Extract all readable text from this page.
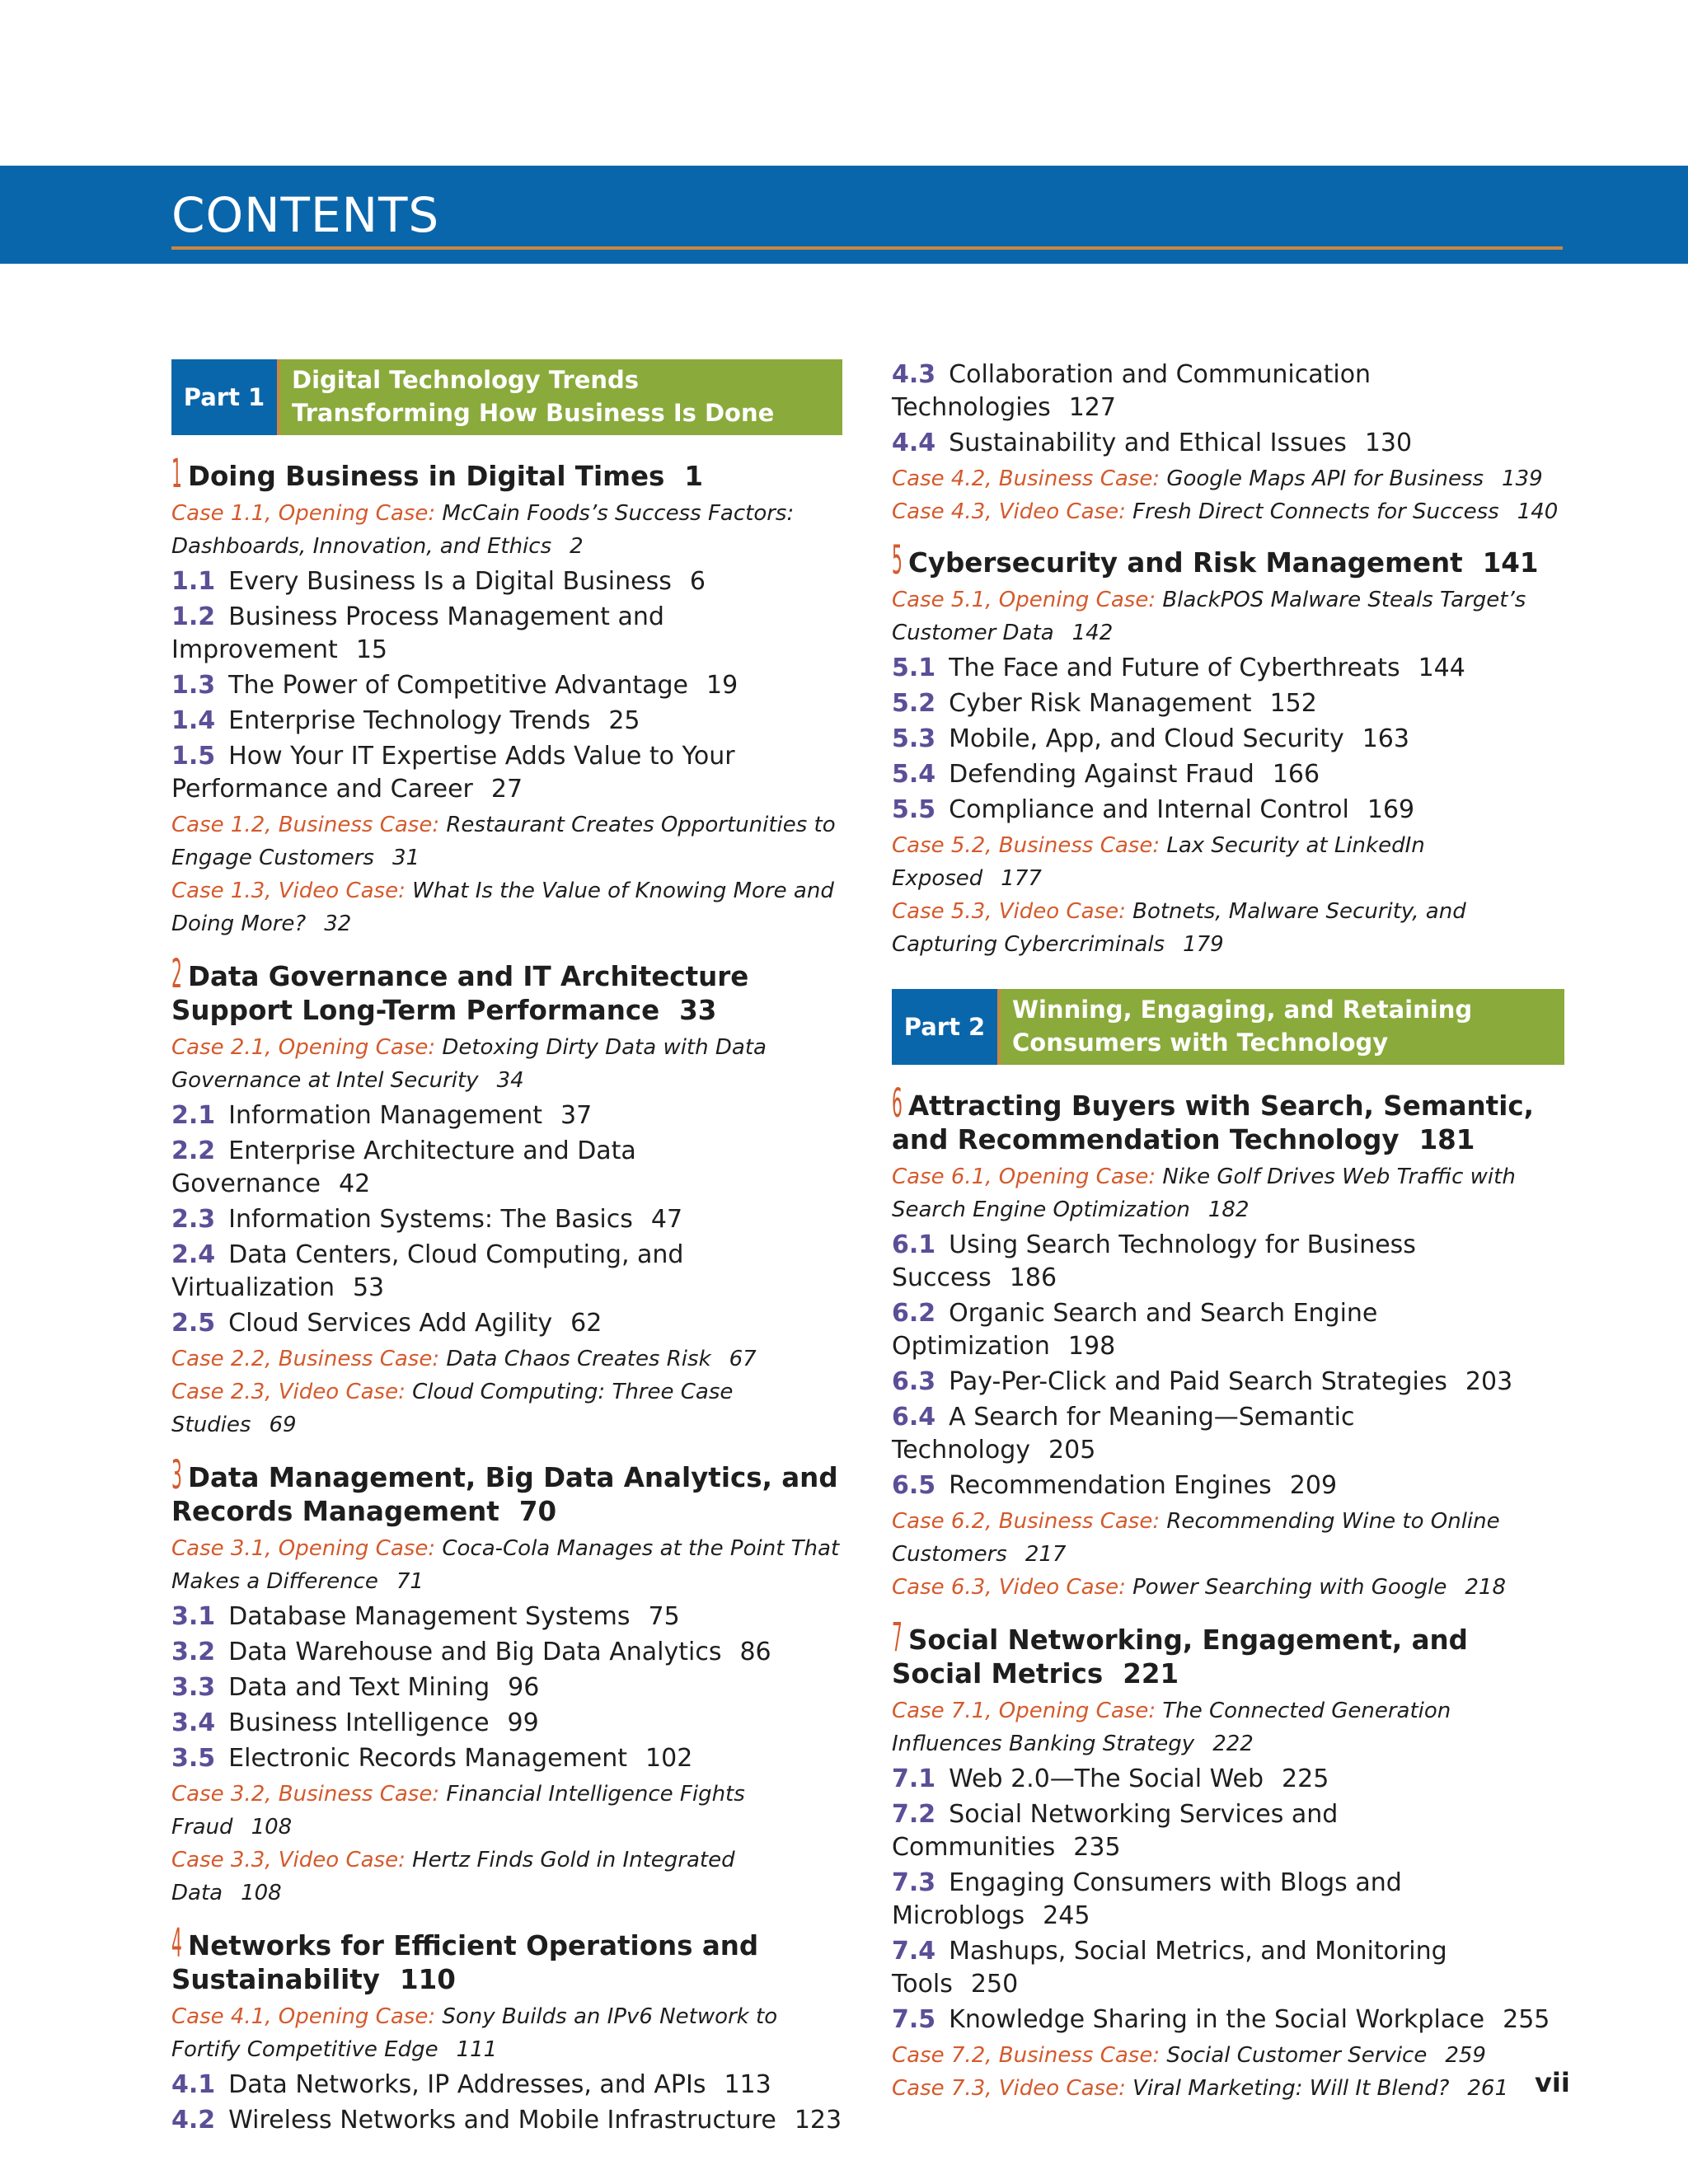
CONTENTS
Part 1
Digital Technology Trends Transforming How Business Is Done
1 Doing Business in Digital Times 1
Case 1.1, Opening Case: McCain Foods’s Success Factors: Dashboards, Innovation, and Ethics 2
1.1 Every Business Is a Digital Business 6
1.2 Business Process Management and Improvement 15
1.3 The Power of Competitive Advantage 19
1.4 Enterprise Technology Trends 25
1.5 How Your IT Expertise Adds Value to Your Performance and Career 27
Case 1.2, Business Case: Restaurant Creates Opportunities to Engage Customers 31
Case 1.3, Video Case: What Is the Value of Knowing More and Doing More? 32
2 Data Governance and IT Architecture Support Long-Term Performance 33
Case 2.1, Opening Case: Detoxing Dirty Data with Data Governance at Intel Security 34
2.1 Information Management 37
2.2 Enterprise Architecture and Data Governance 42
2.3 Information Systems: The Basics 47
2.4 Data Centers, Cloud Computing, and Virtualization 53
2.5 Cloud Services Add Agility 62
Case 2.2, Business Case: Data Chaos Creates Risk 67
Case 2.3, Video Case: Cloud Computing: Three Case Studies 69
3 Data Management, Big Data Analytics, and Records Management 70
Case 3.1, Opening Case: Coca-Cola Manages at the Point That Makes a Difference 71
3.1 Database Management Systems 75
3.2 Data Warehouse and Big Data Analytics 86
3.3 Data and Text Mining 96
3.4 Business Intelligence 99
3.5 Electronic Records Management 102
Case 3.2, Business Case: Financial Intelligence Fights Fraud 108
Case 3.3, Video Case: Hertz Finds Gold in Integrated Data 108
4 Networks for Efficient Operations and Sustainability 110
Case 4.1, Opening Case: Sony Builds an IPv6 Network to Fortify Competitive Edge 111
4.1 Data Networks, IP Addresses, and APIs 113
4.2 Wireless Networks and Mobile Infrastructure 123
4.3 Collaboration and Communication Technologies 127
4.4 Sustainability and Ethical Issues 130
Case 4.2, Business Case: Google Maps API for Business 139
Case 4.3, Video Case: Fresh Direct Connects for Success 140
5 Cybersecurity and Risk Management 141
Case 5.1, Opening Case: BlackPOS Malware Steals Target’s Customer Data 142
5.1 The Face and Future of Cyberthreats 144
5.2 Cyber Risk Management 152
5.3 Mobile, App, and Cloud Security 163
5.4 Defending Against Fraud 166
5.5 Compliance and Internal Control 169
Case 5.2, Business Case: Lax Security at LinkedIn Exposed 177
Case 5.3, Video Case: Botnets, Malware Security, and Capturing Cybercriminals 179
Part 2
Winning, Engaging, and Retaining Consumers with Technology
6 Attracting Buyers with Search, Semantic, and Recommendation Technology 181
Case 6.1, Opening Case: Nike Golf Drives Web Traffic with Search Engine Optimization 182
6.1 Using Search Technology for Business Success 186
6.2 Organic Search and Search Engine Optimization 198
6.3 Pay-Per-Click and Paid Search Strategies 203
6.4 A Search for Meaning—Semantic Technology 205
6.5 Recommendation Engines 209
Case 6.2, Business Case: Recommending Wine to Online Customers 217
Case 6.3, Video Case: Power Searching with Google 218
7 Social Networking, Engagement, and Social Metrics 221
Case 7.1, Opening Case: The Connected Generation Influences Banking Strategy 222
7.1 Web 2.0—The Social Web 225
7.2 Social Networking Services and Communities 235
7.3 Engaging Consumers with Blogs and Microblogs 245
7.4 Mashups, Social Metrics, and Monitoring Tools 250
7.5 Knowledge Sharing in the Social Workplace 255
Case 7.2, Business Case: Social Customer Service 259
Case 7.3, Video Case: Viral Marketing: Will It Blend? 261 vii
